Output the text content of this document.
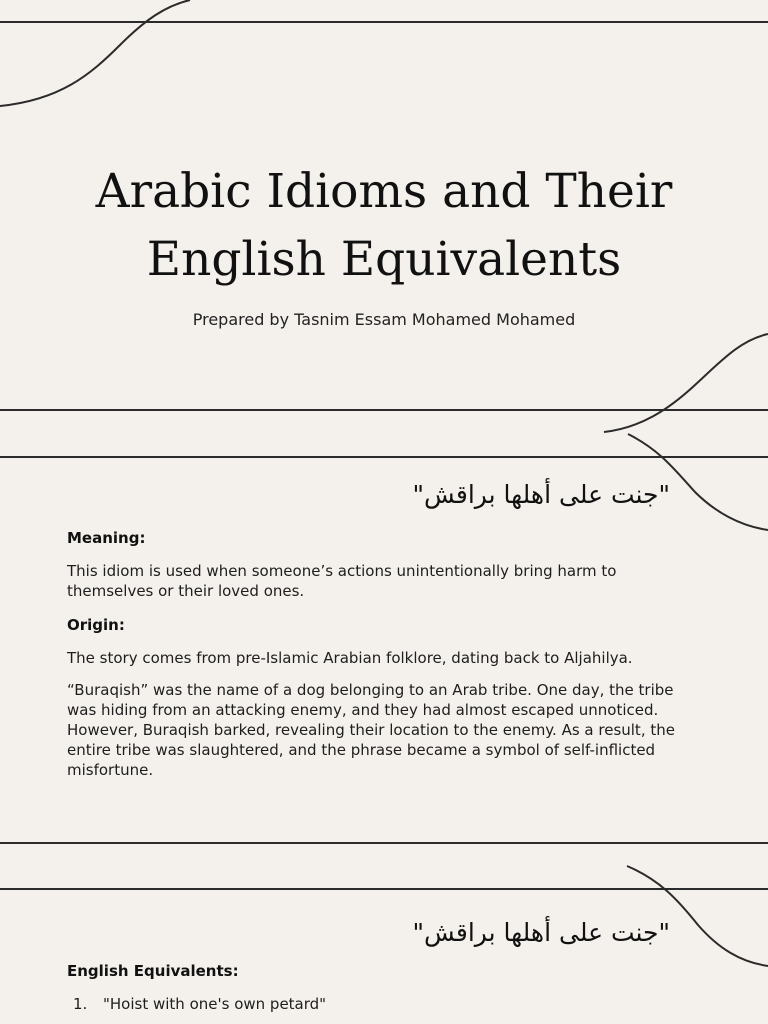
Arabic Idioms and Their English Equivalents
Prepared by Tasnim Essam Mohamed Mohamed
"جنت على أهلها براقش"
Meaning:

This idiom is used when someone’s actions unintentionally bring harm to themselves or their loved ones.

Origin:

The story comes from pre-Islamic Arabian folklore, dating back to Aljahilya.

“Buraqish” was the name of a dog belonging to an Arab tribe. One day, the tribe was hiding from an attacking enemy, and they had almost escaped unnoticed. However, Buraqish barked, revealing their location to the enemy. As a result, the entire tribe was slaughtered, and the phrase became a symbol of self-inflicted misfortune.

"جنت على أهلها براقش"
English Equivalents:
1. "Hoist with one's own petard"
